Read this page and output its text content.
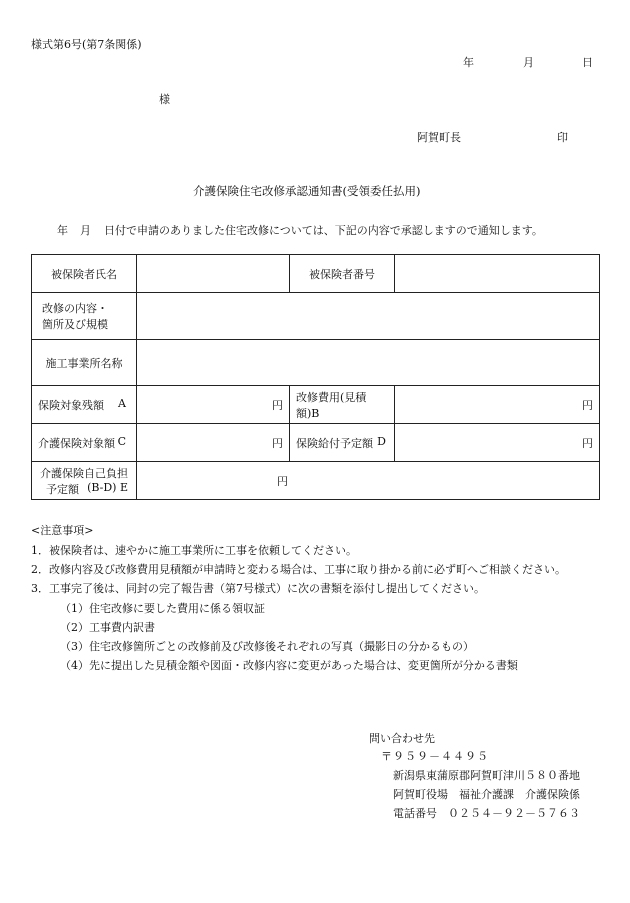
様式第6号(第7条関係)
年	月	日
様
阿賀町長	印
介護保険住宅改修承認通知書(受領委任払用)
年 月 日付で申請のありました住宅改修については、下記の内容で承認しますので通知します。
被保険者氏名		被保険者番号	

改修の内容・
箇所及び規模			

施工事業所名称			

保険対象残額 A	円	改修費用(見積額)B	円

介護保険対象額 C	円	保険給付予定額 D	円

介護保険自己負担
予定額 (B-D) E	円		
<注意事項>
1．被保険者は、速やかに施工事業所に工事を依頼してください。
2．改修内容及び改修費用見積額が申請時と変わる場合は、工事に取り掛かる前に必ず町へご相談ください。
3．工事完了後は、同封の完了報告書（第7号様式）に次の書類を添付し提出してください。
（1）住宅改修に要した費用に係る領収証
（2）工事費内訳書
（3）住宅改修箇所ごとの改修前及び改修後それぞれの写真（撮影日の分かるもの）
（4）先に提出した見積金額や図面・改修内容に変更があった場合は、変更箇所が分かる書類
問い合わせ先
〒９５９－４４９５
新潟県東蒲原郡阿賀町津川５８０番地
阿賀町役場　福祉介護課　介護保険係
電話番号　０２５４－９２－５７６３
